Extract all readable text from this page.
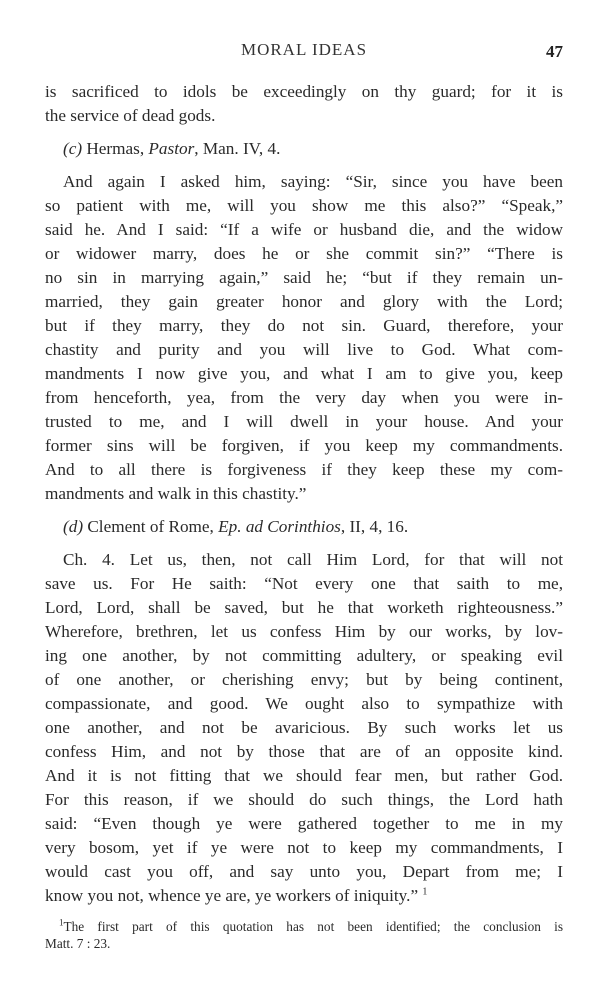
MORAL IDEAS	47

is sacrificed to idols be exceedingly on thy guard; for it is
the service of dead gods.

(c) Hermas, Pastor, Man. IV, 4.

And again I asked him, saying: “Sir, since you have been
so patient with me, will you show me this also?” “Speak,”
said he. And I said: “If a wife or husband die, and the widow
or widower marry, does he or she commit sin?” “There is
no sin in marrying again,” said he; “but if they remain un-
married, they gain greater honor and glory with the Lord;
but if they marry, they do not sin. Guard, therefore, your
chastity and purity and you will live to God. What com-
mandments I now give you, and what I am to give you, keep
from henceforth, yea, from the very day when you were in-
trusted to me, and I will dwell in your house. And your
former sins will be forgiven, if you keep my commandments.
And to all there is forgiveness if they keep these my com-
mandments and walk in this chastity.”

(d) Clement of Rome, Ep. ad Corinthios, II, 4, 16.

Ch. 4. Let us, then, not call Him Lord, for that will not
save us. For He saith: “Not every one that saith to me,
Lord, Lord, shall be saved, but he that worketh righteousness.”
Wherefore, brethren, let us confess Him by our works, by lov-
ing one another, by not committing adultery, or speaking evil
of one another, or cherishing envy; but by being continent,
compassionate, and good. We ought also to sympathize with
one another, and not be avaricious. By such works let us
confess Him, and not by those that are of an opposite kind.
And it is not fitting that we should fear men, but rather God.
For this reason, if we should do such things, the Lord hath
said: “Even though ye were gathered together to me in my
very bosom, yet if ye were not to keep my commandments, I
would cast you off, and say unto you, Depart from me; I
know you not, whence ye are, ye workers of iniquity.” $^1$

$^1$The first part of this quotation has not been identified; the conclusion is
Matt. 7 : 23.
